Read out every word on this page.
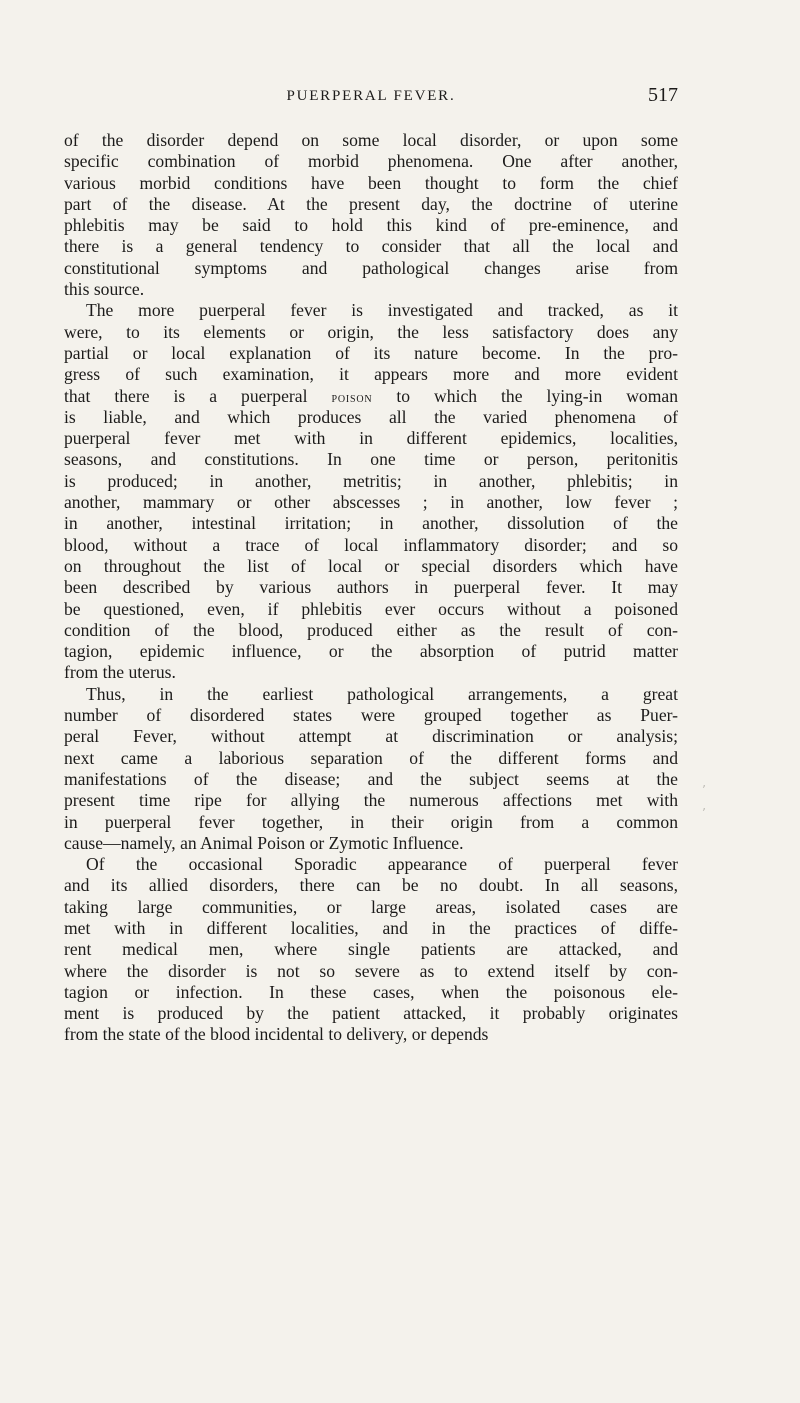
PUERPERAL FEVER.	517
of the disorder depend on some local disorder, or upon some
specific combination of morbid phenomena. One after another,
various morbid conditions have been thought to form the chief
part of the disease. At the present day, the doctrine of uterine
phlebitis may be said to hold this kind of pre-eminence, and
there is a general tendency to consider that all the local and
constitutional symptoms and pathological changes arise from
this source.
The more puerperal fever is investigated and tracked, as it
were, to its elements or origin, the less satisfactory does any
partial or local explanation of its nature become. In the pro-
gress of such examination, it appears more and more evident
that there is a puerperal poison to which the lying-in woman
is liable, and which produces all the varied phenomena of
puerperal fever met with in different epidemics, localities,
seasons, and constitutions. In one time or person, peritonitis
is produced; in another, metritis; in another, phlebitis; in
another, mammary or other abscesses ; in another, low fever ;
in another, intestinal irritation; in another, dissolution of the
blood, without a trace of local inflammatory disorder; and so
on throughout the list of local or special disorders which have
been described by various authors in puerperal fever. It may
be questioned, even, if phlebitis ever occurs without a poisoned
condition of the blood, produced either as the result of con-
tagion, epidemic influence, or the absorption of putrid matter
from the uterus.
Thus, in the earliest pathological arrangements, a great
number of disordered states were grouped together as Puer-
peral Fever, without attempt at discrimination or analysis;
next came a laborious separation of the different forms and
manifestations of the disease; and the subject seems at the
present time ripe for allying the numerous affections met with
in puerperal fever together, in their origin from a common
cause—namely, an Animal Poison or Zymotic Influence.
Of the occasional Sporadic appearance of puerperal fever
and its allied disorders, there can be no doubt. In all seasons,
taking large communities, or large areas, isolated cases are
met with in different localities, and in the practices of diffe-
rent medical men, where single patients are attacked, and
where the disorder is not so severe as to extend itself by con-
tagion or infection. In these cases, when the poisonous ele-
ment is produced by the patient attacked, it probably originates
from the state of the blood incidental to delivery, or depends
’
’
